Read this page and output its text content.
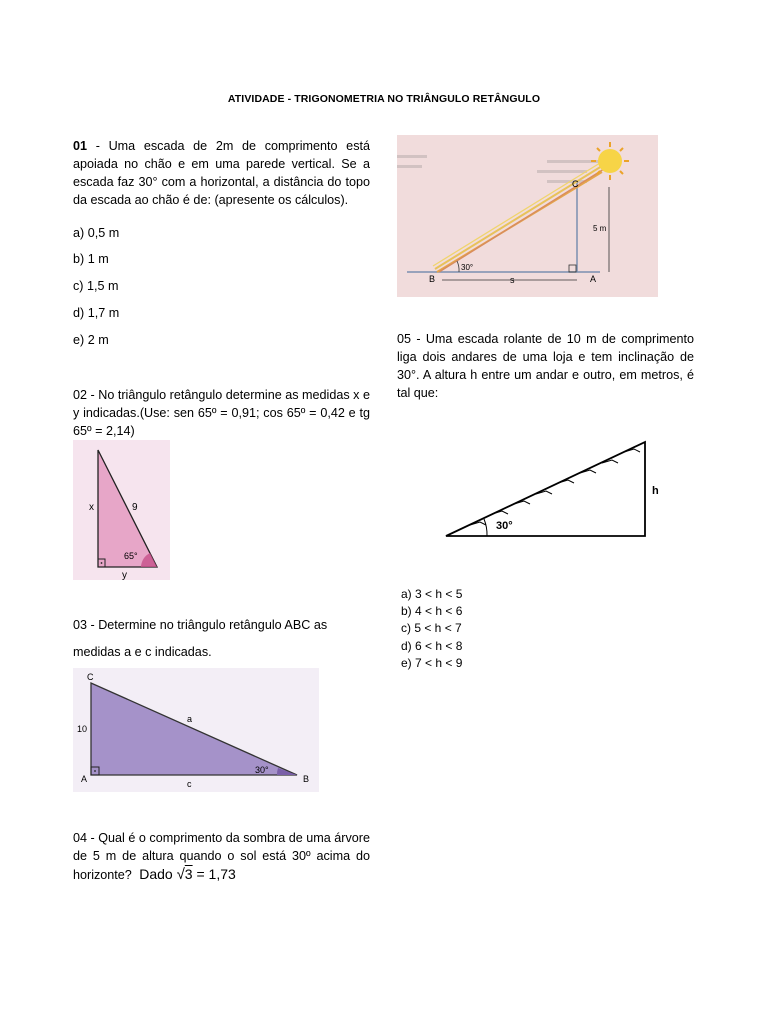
ATIVIDADE - TRIGONOMETRIA NO TRIÂNGULO RETÂNGULO
01 - Uma escada de 2m de comprimento está apoiada no chão e em uma parede vertical. Se a escada faz 30° com a horizontal, a distância do topo da escada ao chão é de: (apresente os cálculos).
a) 0,5 m
b) 1 m
c) 1,5 m
d) 1,7 m
e) 2 m
02 - No triângulo retângulo determine as medidas x e y indicadas.(Use: sen 65º = 0,91; cos 65º = 0,42 e tg 65º = 2,14)
x	9
65°
y
03 - Determine no triângulo retângulo ABC as
medidas a e c indicadas.
C
10
a
30°
A	B
c
04 - Qual é o comprimento da sombra de uma árvore de 5 m de altura quando o sol está 30º acima do horizonte? Dado √3 = 1,73
C
5 m
30°
B	s	A
05 - Uma escada rolante de 10 m de comprimento liga dois andares de uma loja e tem inclinação de 30°. A altura h entre um andar e outro, em metros, é tal que:
30°
h
a) 3 < h < 5
b) 4 < h < 6
c) 5 < h < 7
d) 6 < h < 8
e) 7 < h < 9
